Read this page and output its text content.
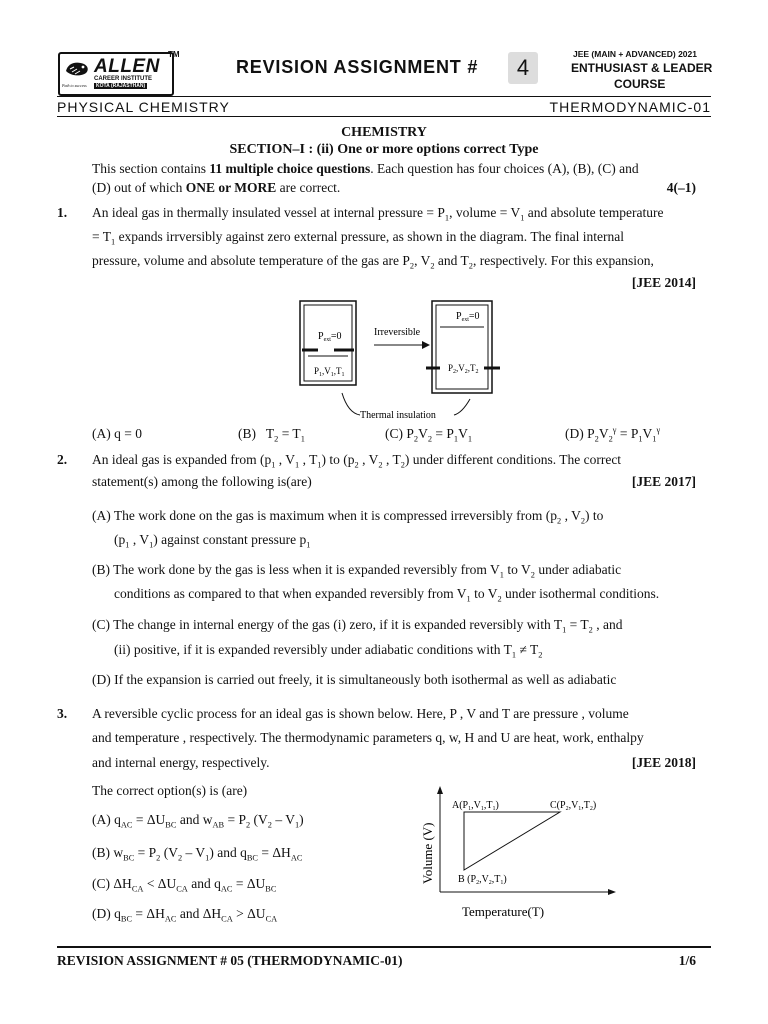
ALLEN
CAREER INSTITUTE
KOTA (RAJASTHAN)
Path to success
TM
REVISION ASSIGNMENT #	4
JEE (MAIN + ADVANCED) 2021
ENTHUSIAST & LEADER
COURSE
PHYSICAL CHEMISTRY	THERMODYNAMIC-01
CHEMISTRY
SECTION–I : (ii) One or more options correct Type
This section contains 11 multiple choice questions. Each question has four choices (A), (B), (C) and
(D) out of which ONE or MORE are correct.	4(–1)
1. An ideal gas in thermally insulated vessel at internal pressure = $P_1$, volume = $V_1$ and absolute temperature
= $T_1$ expands irrversibly against zero external pressure, as shown in the diagram. The final internal
pressure, volume and absolute temperature of the gas are $P_2$, $V_2$ and $T_2$, respectively. For this expansion,
[JEE 2014]
$P_{ext}=0$
$P_1,V_1,T_1$
Irreversible
$P_{ext}=0$
$P_2,V_2,T_2$
Thermal insulation
(A) q = 0	(B)   $T_2 = T_1$	(C) $P_2V_2 = P_1V_1$	(D) $P_2V_2^\gamma = P_1V_1^\gamma$
2. An ideal gas is expanded from ($p_1$ , $V_1$ , $T_1$) to ($p_2$ , $V_2$ , $T_2$) under different conditions. The correct
statement(s) among the following is(are)	[JEE 2017]
(A) The work done on the gas is maximum when it is compressed irreversibly from ($p_2$ , $V_2$) to
($p_1$ , $V_1$) against constant pressure $p_1$
(B) The work done by the gas is less when it is expanded reversibly from $V_1$ to $V_2$ under adiabatic
conditions as compared to that when expanded reversibly from $V_1$ to $V_2$ under isothermal conditions.
(C) The change in internal energy of the gas (i) zero, if it is expanded reversibly with $T_1 = T_2$ , and
(ii) positive, if it is expanded reversibly under adiabatic conditions with $T_1 \ne T_2$
(D) If the expansion is carried out freely, it is simultaneously both isothermal as well as adiabatic
3. A reversible cyclic process for an ideal gas is shown below. Here, P , V and T are pressure , volume
and temperature , respectively. The thermodynamic parameters q, w, H and U are heat, work, enthalpy
and internal energy, respectively.	[JEE 2018]
The correct option(s) is (are)
(A) $q_{AC} = \Delta U_{BC}$ and $w_{AB} = P_2$ $(V_2 - V_1)$
(B) $w_{BC} = P_2$ $(V_2 - V_1)$ and $q_{BC} = \Delta H_{AC}$
(C) $\Delta H_{CA} < \Delta U_{CA}$ and $q_{AC} = \Delta U_{BC}$
(D) $q_{BC} = \Delta H_{AC}$ and $\Delta H_{CA} > \Delta U_{CA}$
$A(P_1,V_1,T_1)$	$C(P_2,V_1,T_2)$
B $(P_2,V_2,T_1)$
Volume (V)
Temperature(T)
REVISION ASSIGNMENT # 05 (THERMODYNAMIC-01)	1/6
